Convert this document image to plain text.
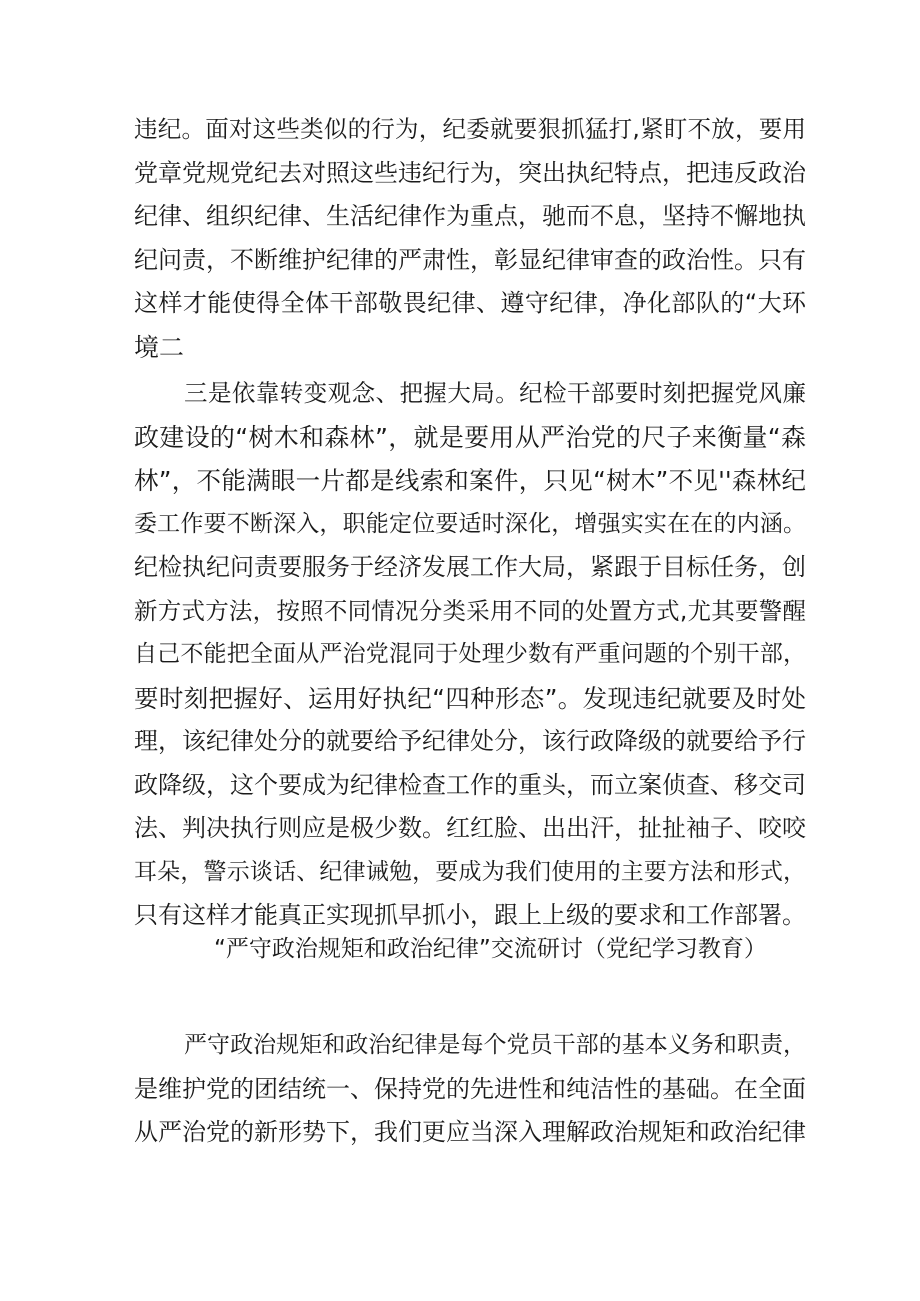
违纪。面对这些类似的行为，纪委就要狠抓猛打,紧盯不放，要用
党章党规党纪去对照这些违纪行为，突出执纪特点，把违反政治
纪律、组织纪律、生活纪律作为重点，驰而不息，坚持不懈地执
纪问责，不断维护纪律的严肃性，彰显纪律审查的政治性。只有
这样才能使得全体干部敬畏纪律、遵守纪律，净化部队的“大环
境二
三是依靠转变观念、把握大局。纪检干部要时刻把握党风廉
政建设的“树木和森林”，就是要用从严治党的尺子来衡量“森
林”，不能满眼一片都是线索和案件，只见“树木”不见''森林纪
委工作要不断深入，职能定位要适时深化，增强实实在在的内涵。
纪检执纪问责要服务于经济发展工作大局，紧跟于目标任务，创
新方式方法，按照不同情况分类采用不同的处置方式,尤其要警醒
自己不能把全面从严治党混同于处理少数有严重问题的个别干部，
要时刻把握好、运用好执纪“四种形态”。发现违纪就要及时处
理，该纪律处分的就要给予纪律处分，该行政降级的就要给予行
政降级，这个要成为纪律检查工作的重头，而立案侦查、移交司
法、判决执行则应是极少数。红红脸、出出汗，扯扯袖子、咬咬
耳朵，警示谈话、纪律诫勉，要成为我们使用的主要方法和形式，
只有这样才能真正实现抓早抓小，跟上上级的要求和工作部署。
“严守政治规矩和政治纪律”交流研讨（党纪学习教育）
严守政治规矩和政治纪律是每个党员干部的基本义务和职责，
是维护党的团结统一、保持党的先进性和纯洁性的基础。在全面
从严治党的新形势下，我们更应当深入理解政治规矩和政治纪律
